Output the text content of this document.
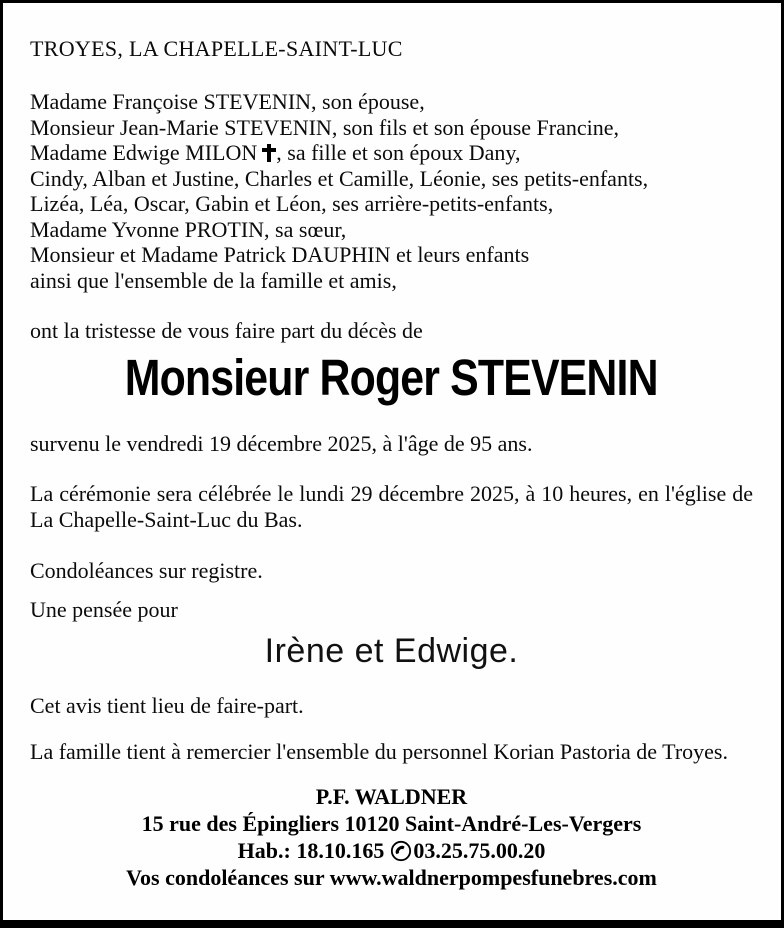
TROYES, LA CHAPELLE-SAINT-LUC
Madame Françoise STEVENIN, son épouse,
Monsieur Jean-Marie STEVENIN, son fils et son épouse Francine,
Madame Edwige MILON , sa fille et son époux Dany,
Cindy, Alban et Justine, Charles et Camille, Léonie, ses petits-enfants,
Lizéa, Léa, Oscar, Gabin et Léon, ses arrière-petits-enfants,
Madame Yvonne PROTIN, sa sœur,
Monsieur et Madame Patrick DAUPHIN et leurs enfants
ainsi que l'ensemble de la famille et amis,
ont la tristesse de vous faire part du décès de
Monsieur Roger STEVENIN
survenu le vendredi 19 décembre 2025, à l'âge de 95 ans.
La cérémonie sera célébrée le lundi 29 décembre 2025, à 10 heures, en l'église de La Chapelle-Saint-Luc du Bas.
Condoléances sur registre.
Une pensée pour
Irène et Edwige.
Cet avis tient lieu de faire-part.
La famille tient à remercier l'ensemble du personnel Korian Pastoria de Troyes.
P.F. WALDNER
15 rue des Épingliers 10120 Saint-André-Les-Vergers
Hab.: 18.10.165 03.25.75.00.20
Vos condoléances sur www.waldnerpompesfunebres.com
